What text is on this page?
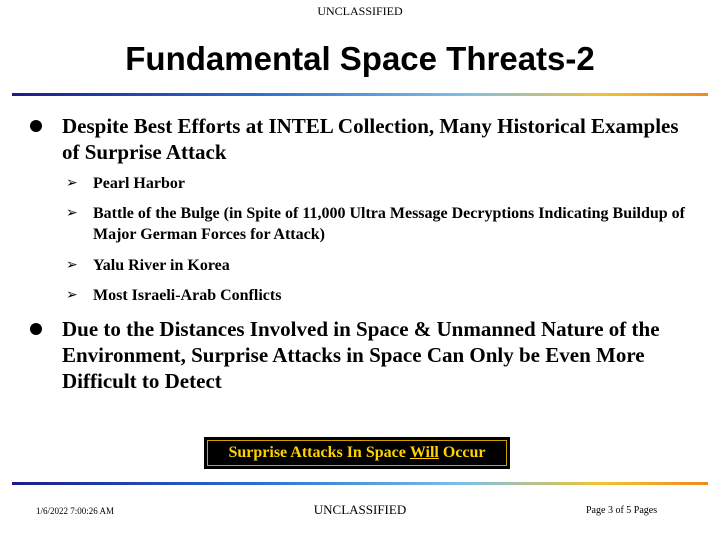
UNCLASSIFIED
Fundamental Space Threats-2
Despite Best Efforts at INTEL Collection, Many Historical Examples of Surprise Attack
➢ Pearl Harbor
➢ Battle of the Bulge (in Spite of 11,000 Ultra Message Decryptions Indicating Buildup of Major German Forces for Attack)
➢ Yalu River in Korea
➢ Most Israeli-Arab Conflicts
Due to the Distances Involved in Space & Unmanned Nature of the Environment, Surprise Attacks in Space Can Only be Even More Difficult to Detect
Surprise Attacks In Space Will Occur
1/6/2022 7:00:26 AM	UNCLASSIFIED	Page 3 of 5 Pages
